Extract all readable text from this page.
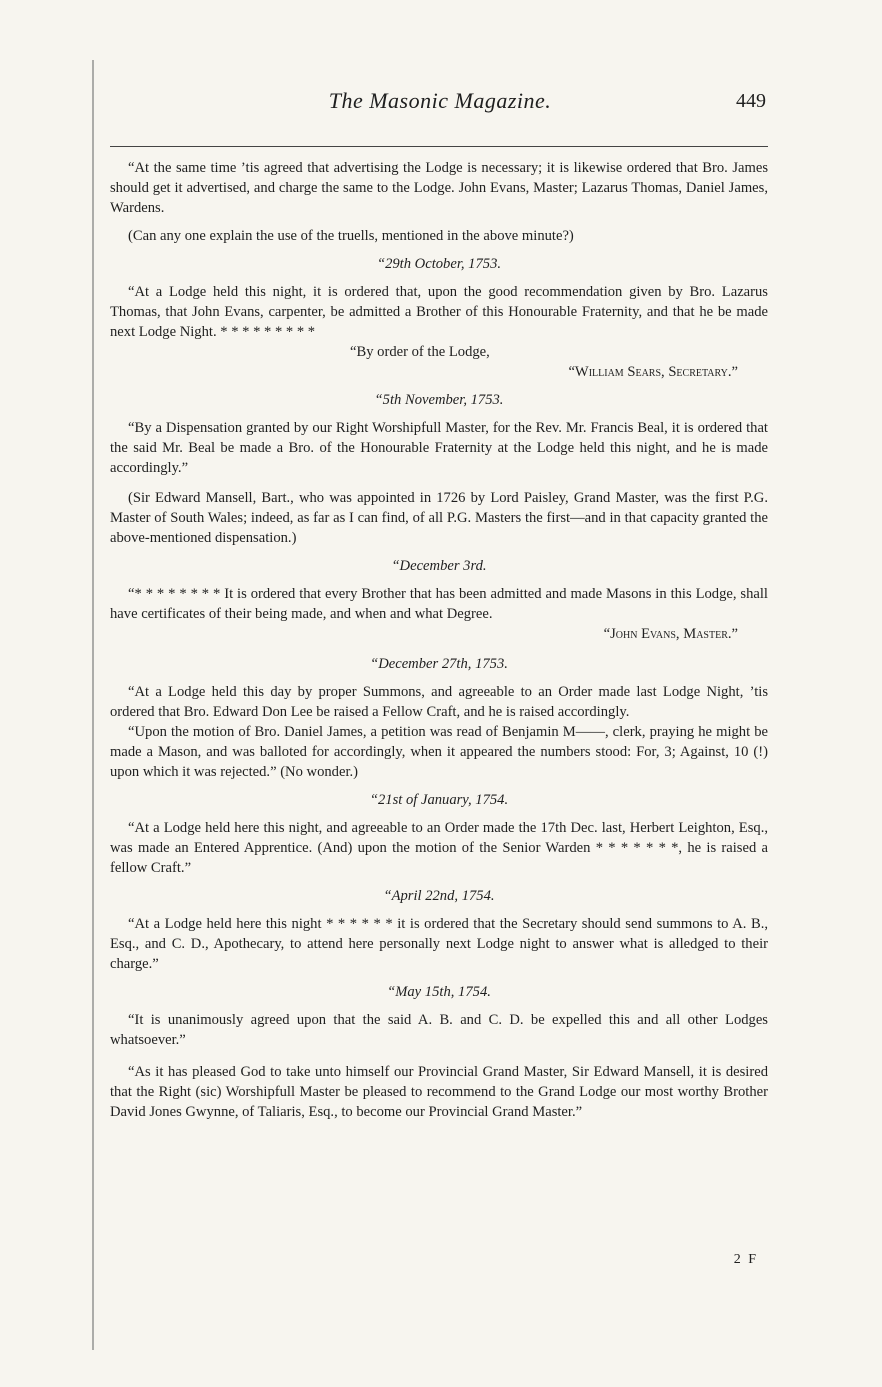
The Masonic Magazine.	449

“At the same time ’tis agreed that advertising the Lodge is necessary; it is likewise ordered that Bro. James should get it advertised, and charge the same to the Lodge. John Evans, Master; Lazarus Thomas, Daniel James, Wardens.

(Can any one explain the use of the truells, mentioned in the above minute?)

“29th October, 1753.

“At a Lodge held this night, it is ordered that, upon the good recommendation given by Bro. Lazarus Thomas, that John Evans, carpenter, be admitted a Brother of this Honourable Fraternity, and that he be made next Lodge Night. * * * * * * * * *

“By order of the Lodge,

“William Sears, Secretary.”

“5th November, 1753.

“By a Dispensation granted by our Right Worshipfull Master, for the Rev. Mr. Francis Beal, it is ordered that the said Mr. Beal be made a Bro. of the Honourable Fraternity at the Lodge held this night, and he is made accordingly.”

(Sir Edward Mansell, Bart., who was appointed in 1726 by Lord Paisley, Grand Master, was the first P.G. Master of South Wales; indeed, as far as I can find, of all P.G. Masters the first—and in that capacity granted the above-mentioned dispensation.)

“December 3rd.

“* * * * * * * * It is ordered that every Brother that has been admitted and made Masons in this Lodge, shall have certificates of their being made, and when and what Degree.

“John Evans, Master.”

“December 27th, 1753.

“At a Lodge held this day by proper Summons, and agreeable to an Order made last Lodge Night, ’tis ordered that Bro. Edward Don Lee be raised a Fellow Craft, and he is raised accordingly.

“Upon the motion of Bro. Daniel James, a petition was read of Benjamin M——, clerk, praying he might be made a Mason, and was balloted for accordingly, when it appeared the numbers stood: For, 3; Against, 10 (!) upon which it was rejected.” (No wonder.)

“21st of January, 1754.

“At a Lodge held here this night, and agreeable to an Order made the 17th Dec. last, Herbert Leighton, Esq., was made an Entered Apprentice. (And) upon the motion of the Senior Warden * * * * * * *, he is raised a fellow Craft.”

“April 22nd, 1754.

“At a Lodge held here this night * * * * * * it is ordered that the Secretary should send summons to A. B., Esq., and C. D., Apothecary, to attend here personally next Lodge night to answer what is alledged to their charge.”

“May 15th, 1754.

“It is unanimously agreed upon that the said A. B. and C. D. be expelled this and all other Lodges whatsoever.”

“As it has pleased God to take unto himself our Provincial Grand Master, Sir Edward Mansell, it is desired that the Right (sic) Worshipfull Master be pleased to recommend to the Grand Lodge our most worthy Brother David Jones Gwynne, of Taliaris, Esq., to become our Provincial Grand Master.”

2 F
